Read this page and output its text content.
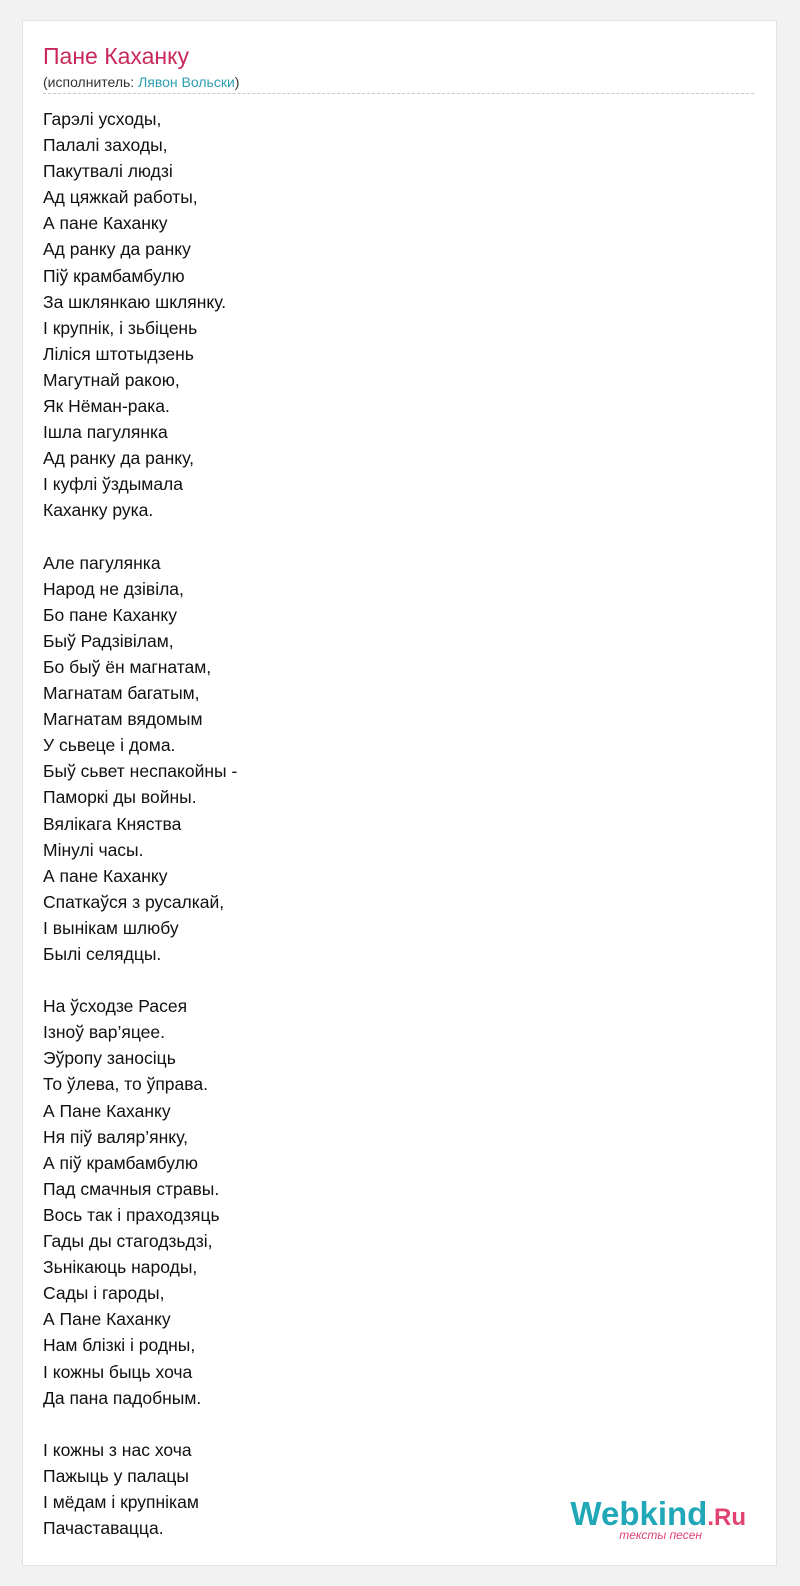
Пане Каханку
(исполнитель: Лявон Вольски)
Гарэлі усходы,
Палалі заходы,
Пакутвалі людзі
Ад цяжкай работы,
А пане Каханку
Ад ранку да ранку
Піў крамбамбулю
За шклянкаю шклянку.
І крупнік, і зьбіцень
Ліліся штотыдзень
Магутнай ракою,
Як Нёман-рака.
Ішла пагулянка
Ад ранку да ранку,
І куфлі ўздымала
Каханку рука.
Але пагулянка
Народ не дзівіла,
Бо пане Каханку
Быў Радзівілам,
Бо быў ён магнатам,
Магнатам багатым,
Магнатам вядомым
У сьвеце і дома.
Быў сьвет неспакойны -
Паморкі ды войны.
Вялікага Княства
Мінулі часы.
А пане Каханку
Спаткаўся з русалкай,
І вынікам шлюбу
Былі селядцы.
На ўсходзе Расея
Ізноў вар’яцее.
Эўропу заносіць
То ўлева, то ўправа.
А Пане Каханку
Ня піў валяр’янку,
А піў крамбамбулю
Пад смачныя стравы.
Вось так і праходзяць
Гады ды стагодзьдзі,
Зьнікаюць народы,
Сады і гароды,
А Пане Каханку
Нам блізкі і родны,
І кожны быць хоча
Да пана падобным.
І кожны з нас хоча
Пажыць у палацы
І мёдам і крупнікам
Пачаставацца.	Webkind.Ru
тексты песен
